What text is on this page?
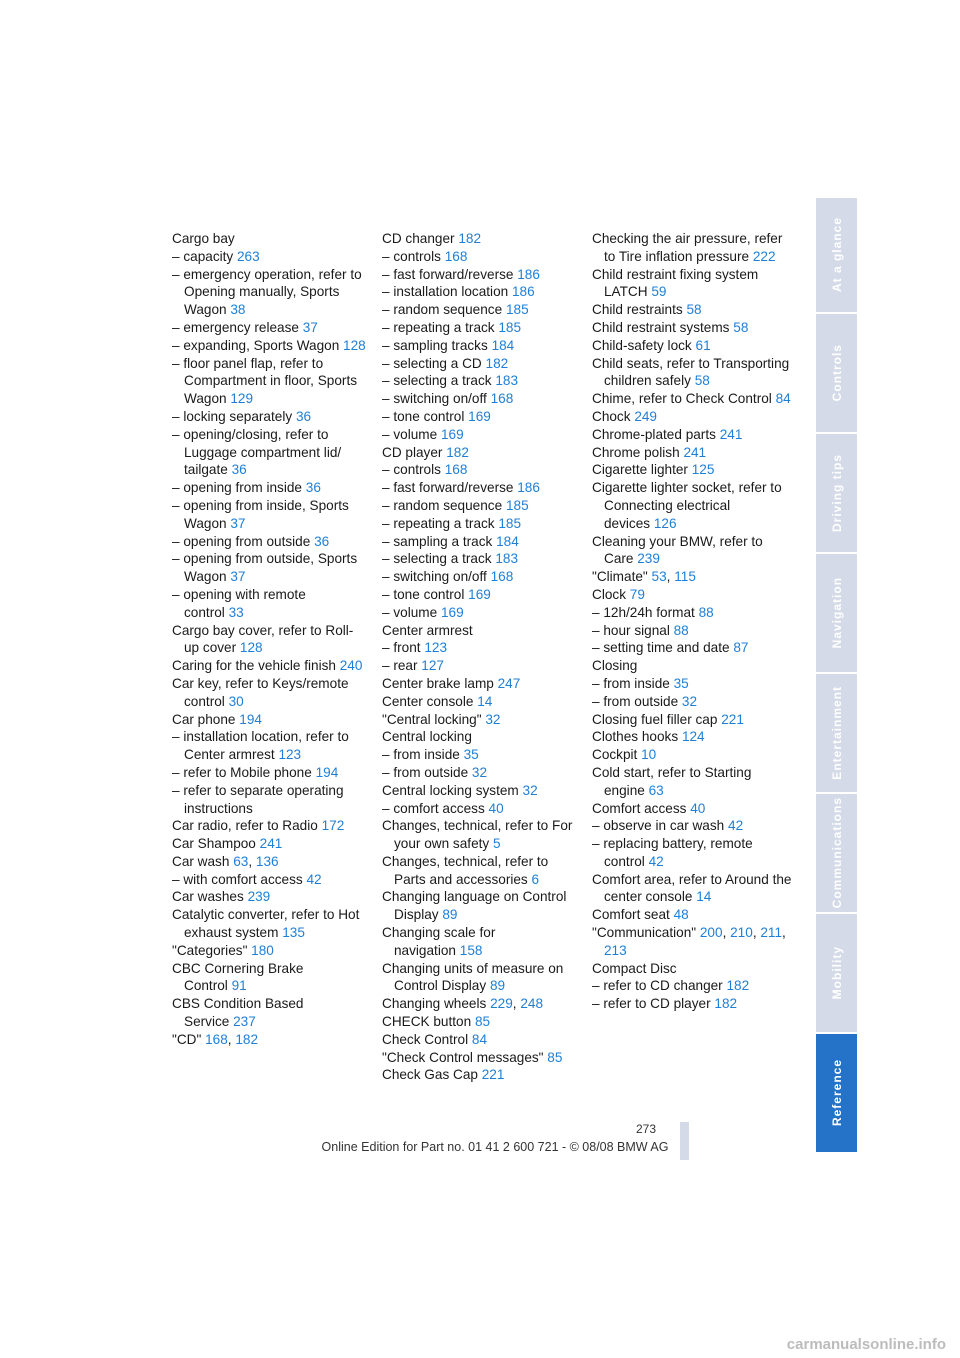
Cargo bay
– capacity 263
– emergency operation, refer to Opening manually, Sports Wagon 38
– emergency release 37
– expanding, Sports Wagon 128
– floor panel flap, refer to Compartment in floor, Sports Wagon 129
– locking separately 36
– opening/closing, refer to Luggage compartment lid/ tailgate 36
– opening from inside 36
– opening from inside, Sports Wagon 37
– opening from outside 36
– opening from outside, Sports Wagon 37
– opening with remote control 33
Cargo bay cover, refer to Roll-up cover 128
Caring for the vehicle finish 240
Car key, refer to Keys/remote control 30
Car phone 194
– installation location, refer to Center armrest 123
– refer to Mobile phone 194
– refer to separate operating instructions
Car radio, refer to Radio 172
Car Shampoo 241
Car wash 63, 136
– with comfort access 42
Car washes 239
Catalytic converter, refer to Hot exhaust system 135
"Categories" 180
CBC Cornering Brake Control 91
CBS Condition Based Service 237
"CD" 168, 182
CD changer 182
– controls 168
– fast forward/reverse 186
– installation location 186
– random sequence 185
– repeating a track 185
– sampling tracks 184
– selecting a CD 182
– selecting a track 183
– switching on/off 168
– tone control 169
– volume 169
CD player 182
– controls 168
– fast forward/reverse 186
– random sequence 185
– repeating a track 185
– sampling a track 184
– selecting a track 183
– switching on/off 168
– tone control 169
– volume 169
Center armrest
– front 123
– rear 127
Center brake lamp 247
Center console 14
"Central locking" 32
Central locking
– from inside 35
– from outside 32
Central locking system 32
– comfort access 40
Changes, technical, refer to For your own safety 5
Changes, technical, refer to Parts and accessories 6
Changing language on Control Display 89
Changing scale for navigation 158
Changing units of measure on Control Display 89
Changing wheels 229, 248
CHECK button 85
Check Control 84
"Check Control messages" 85
Check Gas Cap 221
Checking the air pressure, refer to Tire inflation pressure 222
Child restraint fixing system LATCH 59
Child restraints 58
Child restraint systems 58
Child-safety lock 61
Child seats, refer to Transporting children safely 58
Chime, refer to Check Control 84
Chock 249
Chrome-plated parts 241
Chrome polish 241
Cigarette lighter 125
Cigarette lighter socket, refer to Connecting electrical devices 126
Cleaning your BMW, refer to Care 239
"Climate" 53, 115
Clock 79
– 12h/24h format 88
– hour signal 88
– setting time and date 87
Closing
– from inside 35
– from outside 32
Closing fuel filler cap 221
Clothes hooks 124
Cockpit 10
Cold start, refer to Starting engine 63
Comfort access 40
– observe in car wash 42
– replacing battery, remote control 42
Comfort area, refer to Around the center console 14
Comfort seat 48
"Communication" 200, 210, 211, 213
Compact Disc
– refer to CD changer 182
– refer to CD player 182
At a glance
Controls
Driving tips
Navigation
Entertainment
Communications
Mobility
Reference
273
Online Edition for Part no. 01 41 2 600 721 - © 08/08 BMW AG
carmanualsonline.info
